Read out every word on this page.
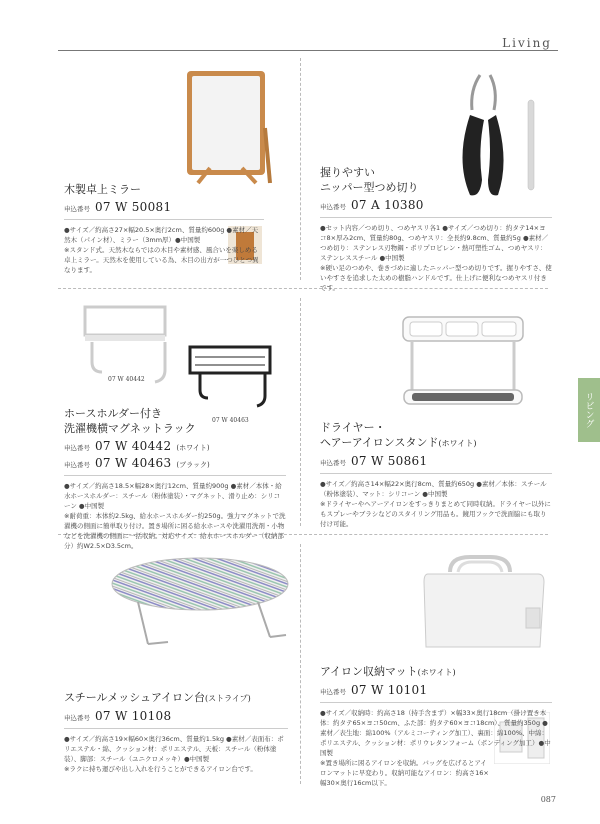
Living
リビング
木製卓上ミラー
申込番号 07 W 50081

●サイズ／約高さ27×幅20.5×奥行2cm、質量約600g ●素材／天然木（パイン材）、ミラー（3mm厚）●中国製

※スタンド式。天然木ならではの木目や素材感、風合いを楽しめる卓上ミラー。天然木を使用している為、木目の出方が一つひとつ異なります。

握りやすい
ニッパー型つめ切り
申込番号 07 A 10380

●セット内容／つめ切り、つめヤスリ各1 ●サイズ／つめ切り：約タテ14×ヨコ8×厚み2cm、質量約80g、つめヤスリ：全長約9.8cm、質量約5g ●素材／つめ切り：ステンレス刃物鋼・ポリプロピレン・熱可塑性ゴム、つめヤスリ：ステンレススチール ●中国製

※硬い足のつめや、巻きづめに適したニッパー型つめ切りです。握りやすさ、使いやすさを追求した太めの樹脂ハンドルです。仕上げに便利なつめヤスリ付きです。

07 W 40442
07 W 40463
ホースホルダー付き
洗濯機横マグネットラック
申込番号 07 W 40442 (ホワイト)
申込番号 07 W 40463 (ブラック)

●サイズ／約高さ18.5×幅28×奥行12cm、質量約900g ●素材／本体・給水ホースホルダー：スチール（粉体塗装）・マグネット、滑り止め：シリコーン ●中国製

※耐荷重：本体約2.5kg、給水ホースホルダー約250g。強力マグネットで洗濯機の側面に簡単取り付け。置き場所に困る給水ホースや洗濯用洗剤・小物などを洗濯機の側面に一括収納。対応サイズ：給水ホースホルダー（収納部分）約W2.5×D3.5cm。

ドライヤー・
ヘアーアイロンスタンド(ホワイト)
申込番号 07 W 50861

●サイズ／約高さ14×幅22×奥行8cm、質量約650g ●素材／本体：スチール（粉体塗装）、マット：シリコーン ●中国製

※ドライヤーやヘアーアイロンをすっきりまとめて同時収納。ドライヤー以外にもスプレーやブラシなどのスタイリング用品も。鏡用フックで洗面脇にも取り付け可能。

スチールメッシュアイロン台(ストライプ)
申込番号 07 W 10108

●サイズ／約高さ19×幅60×奥行36cm、質量約1.5kg ●素材／表面布：ポリエステル・綿、クッション材：ポリエステル、天板：スチール（粉体塗装）、脚部：スチール（ユニクロメッキ）●中国製

※ラクに持ち運びや出し入れを行うことができるアイロン台です。

アイロン収納マット(ホワイト)
申込番号 07 W 10101

●サイズ／収納時：約高さ18（持手含まず）×幅33×奥行18cm（掛け置き本体：約タテ65×ヨコ50cm、ふた部：約タテ60×ヨコ18cm）、質量約350g ●素材／表生地：綿100%（アルミコーティング加工）、裏面：綿100%、中綿：ポリエステル、クッション材：ポリウレタンフォーム（ボンディング加工）●中国製

※置き場所に困るアイロンを収納。バッグを広げるとアイロンマットに早変わり。収納可能なアイロン：約高さ16×幅30×奥行16cm以下。

087
